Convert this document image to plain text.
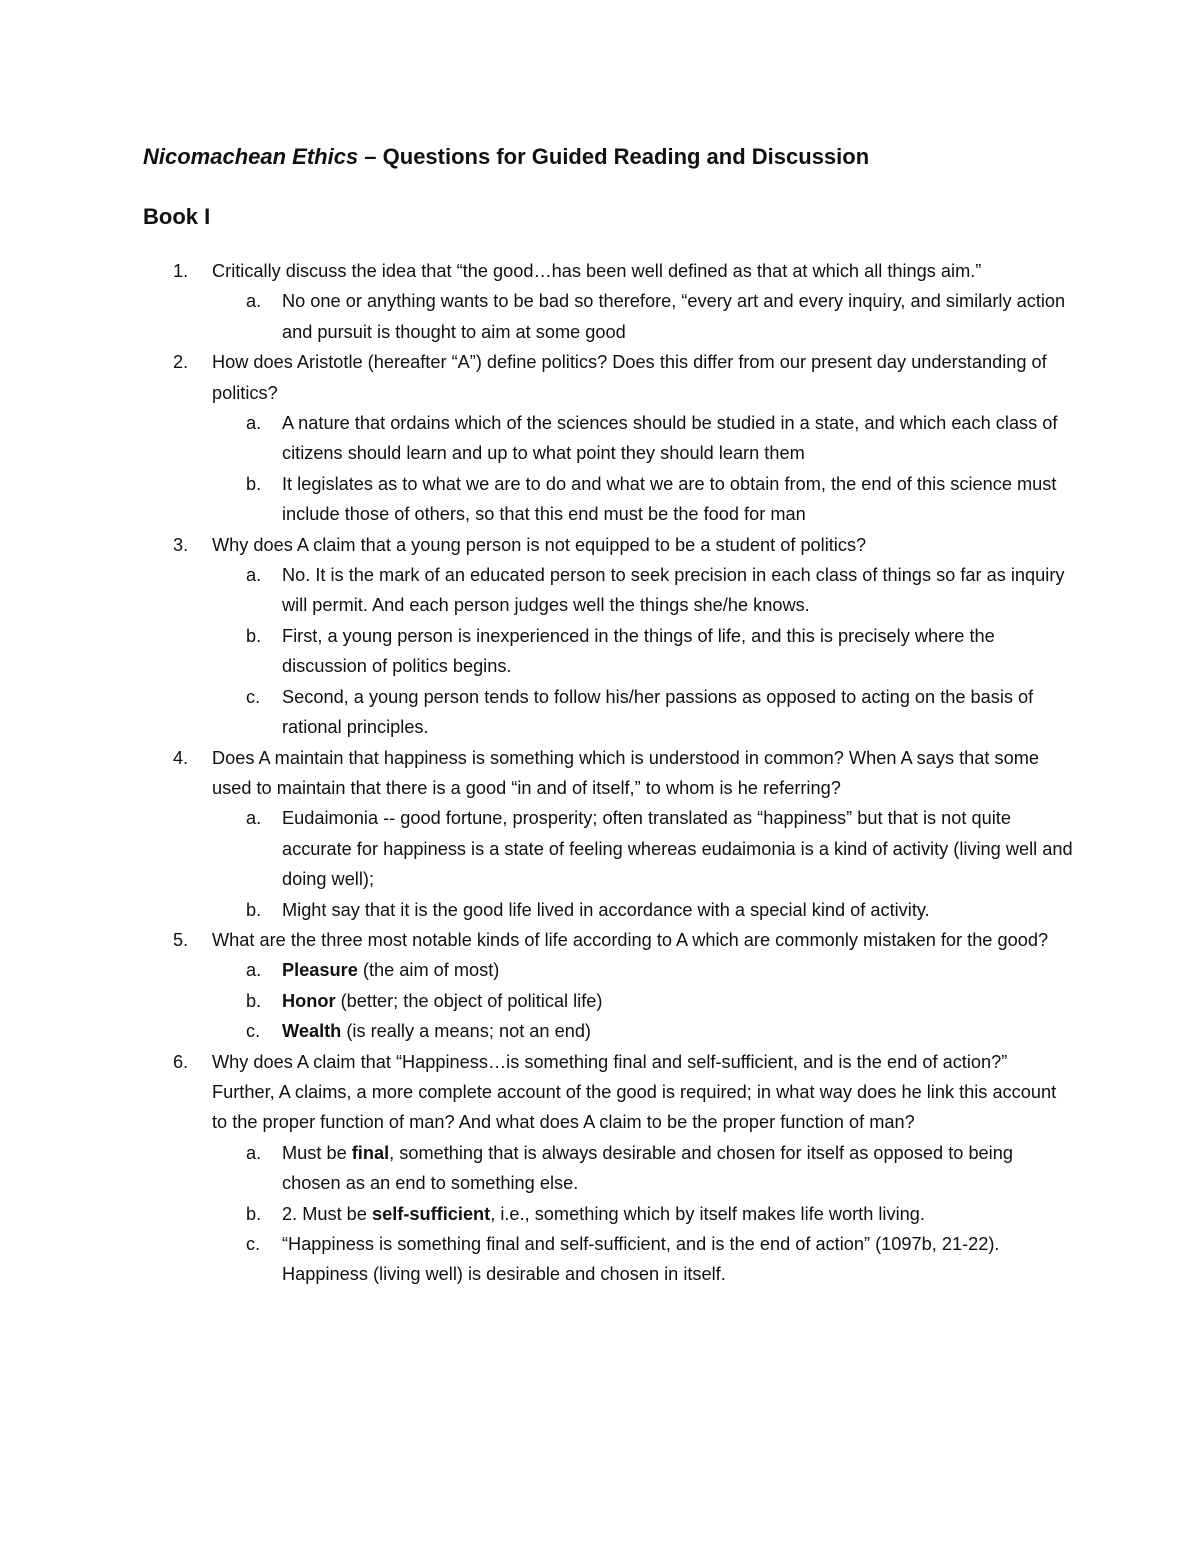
Nicomachean Ethics – Questions for Guided Reading and Discussion
Book I
1. Critically discuss the idea that “the good…has been well defined as that at which all things aim.”
a. No one or anything wants to be bad so therefore, “every art and every inquiry, and similarly action and pursuit is thought to aim at some good
2. How does Aristotle (hereafter “A”) define politics? Does this differ from our present day understanding of politics?
a. A nature that ordains which of the sciences should be studied in a state, and which each class of citizens should learn and up to what point they should learn them
b. It legislates as to what we are to do and what we are to obtain from, the end of this science must include those of others, so that this end must be the food for man
3. Why does A claim that a young person is not equipped to be a student of politics?
a. No. It is the mark of an educated person to seek precision in each class of things so far as inquiry will permit. And each person judges well the things she/he knows.
b. First, a young person is inexperienced in the things of life, and this is precisely where the discussion of politics begins.
c. Second, a young person tends to follow his/her passions as opposed to acting on the basis of rational principles.
4. Does A maintain that happiness is something which is understood in common? When A says that some used to maintain that there is a good “in and of itself,” to whom is he referring?
a. Eudaimonia -- good fortune, prosperity; often translated as “happiness” but that is not quite accurate for happiness is a state of feeling whereas eudaimonia is a kind of activity (living well and doing well);
b. Might say that it is the good life lived in accordance with a special kind of activity.
5. What are the three most notable kinds of life according to A which are commonly mistaken for the good?
a. Pleasure (the aim of most)
b. Honor (better; the object of political life)
c. Wealth (is really a means; not an end)
6. Why does A claim that “Happiness…is something final and self-sufficient, and is the end of action?” Further, A claims, a more complete account of the good is required; in what way does he link this account to the proper function of man? And what does A claim to be the proper function of man?
a. Must be final, something that is always desirable and chosen for itself as opposed to being chosen as an end to something else.
b. 2. Must be self-sufficient, i.e., something which by itself makes life worth living.
c. “Happiness is something final and self-sufficient, and is the end of action” (1097b, 21-22). Happiness (living well) is desirable and chosen in itself.
